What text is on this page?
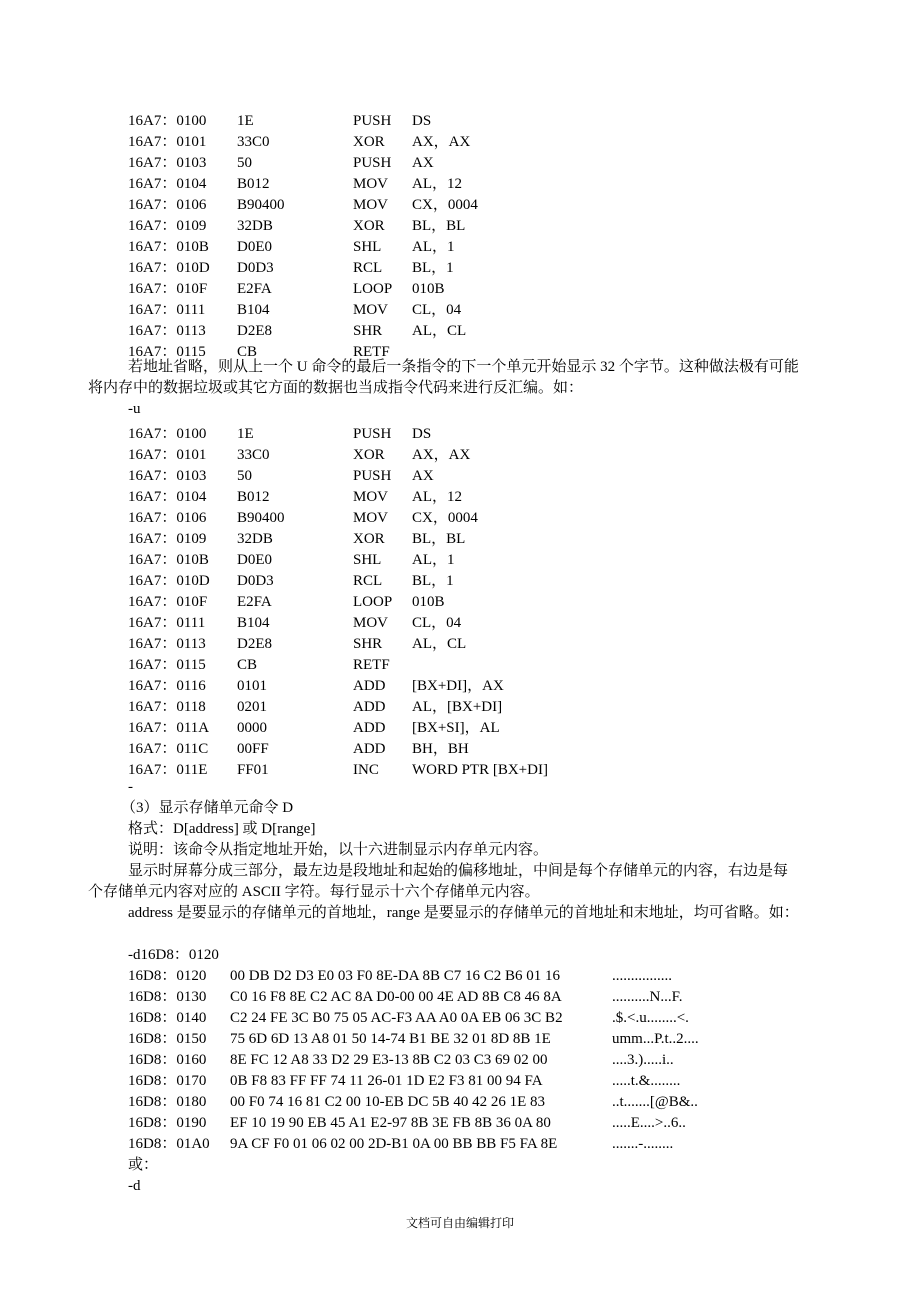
16A7：0100 1E	PUSH DS
16A7：0101 33C0	XOR AX，AX
16A7：0103 50	PUSH AX
16A7：0104 B012	MOV AL，12
16A7：0106 B90400	MOV CX，0004
16A7：0109 32DB	XOR BL，BL
16A7：010B D0E0	SHL AL，1
16A7：010D D0D3	RCL BL，1
16A7：010F E2FA	LOOP 010B
16A7：0111 B104	MOV CL，04
16A7：0113 D2E8	SHR AL，CL
16A7：0115 CB	RETF
若地址省略，则从上一个 U 命令的最后一条指令的下一个单元开始显示 32 个字节。这种做法极有可能
将内存中的数据垃圾或其它方面的数据也当成指令代码来进行反汇编。如：
-u
16A7：0100 1E	PUSH DS
16A7：0101 33C0	XOR AX，AX
16A7：0103 50	PUSH AX
16A7：0104 B012	MOV AL，12
16A7：0106 B90400	MOV CX，0004
16A7：0109 32DB	XOR BL，BL
16A7：010B D0E0	SHL AL，1
16A7：010D D0D3	RCL BL，1
16A7：010F E2FA	LOOP 010B
16A7：0111 B104	MOV CL，04
16A7：0113 D2E8	SHR AL，CL
16A7：0115 CB	RETF
16A7：0116 0101	ADD [BX+DI]，AX
16A7：0118 0201	ADD AL，[BX+DI]
16A7：011A 0000	ADD [BX+SI]，AL
16A7：011C 00FF	ADD BH，BH
16A7：011E FF01	INC WORD PTR [BX+DI]
-
（3）显示存储单元命令 D
格式：D[address] 或 D[range]
说明：该命令从指定地址开始，以十六进制显示内存单元内容。
显示时屏幕分成三部分，最左边是段地址和起始的偏移地址，中间是每个存储单元的内容，右边是每
个存储单元内容对应的 ASCII 字符。每行显示十六个存储单元内容。
address 是要显示的存储单元的首地址，range 是要显示的存储单元的首地址和末地址，均可省略。如：
-d16D8：0120
16D8：0120 00 DB D2 D3 E0 03 F0 8E-DA 8B C7 16 C2 B6 01 16	................
16D8：0130 C0 16 F8 8E C2 AC 8A D0-00 00 4E AD 8B C8 46 8A	..........N...F.
16D8：0140 C2 24 FE 3C B0 75 05 AC-F3 AA A0 0A EB 06 3C B2	.$.<.u........<.
16D8：0150 75 6D 6D 13 A8 01 50 14-74 B1 BE 32 01 8D 8B 1E	umm...P.t..2....
16D8：0160 8E FC 12 A8 33 D2 29 E3-13 8B C2 03 C3 69 02 00	....3.).....i..
16D8：0170 0B F8 83 FF FF 74 11 26-01 1D E2 F3 81 00 94 FA	.....t.&........
16D8：0180 00 F0 74 16 81 C2 00 10-EB DC 5B 40 42 26 1E 83	..t.......[@B&..
16D8：0190 EF 10 19 90 EB 45 A1 E2-97 8B 3E FB 8B 36 0A 80	.....E....>..6..
16D8：01A0 9A CF F0 01 06 02 00 2D-B1 0A 00 BB BB F5 FA 8E	.......-........
或：
-d
文档可自由编辑打印
